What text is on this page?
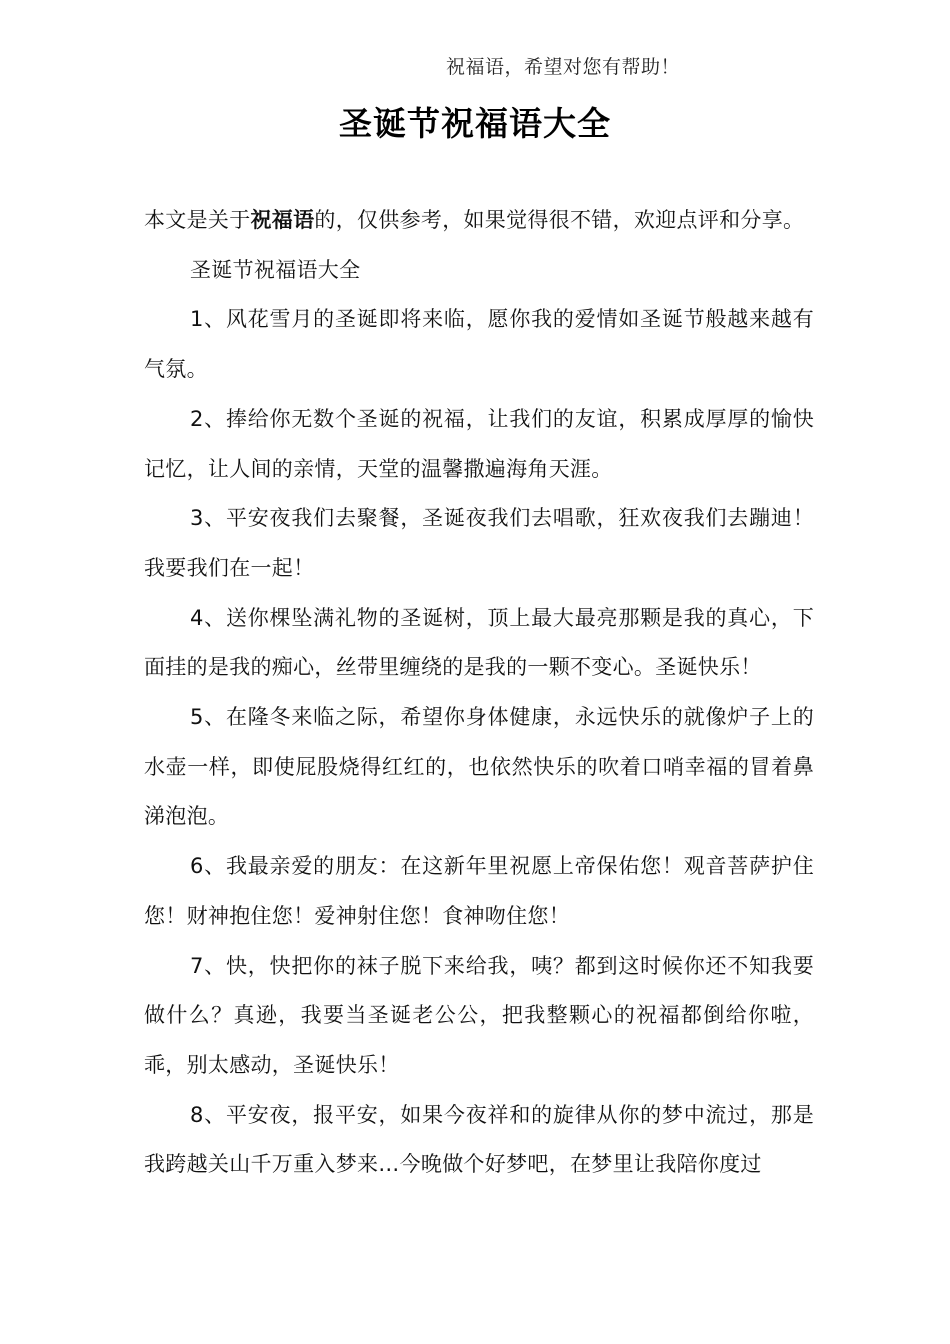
祝福语，希望对您有帮助！
圣诞节祝福语大全

本文是关于祝福语的，仅供参考，如果觉得很不错，欢迎点评和分享。

圣诞节祝福语大全

1、风花雪月的圣诞即将来临，愿你我的爱情如圣诞节般越来越有气氛。

2、捧给你无数个圣诞的祝福，让我们的友谊，积累成厚厚的愉快记忆，让人间的亲情，天堂的温馨撒遍海角天涯。

3、平安夜我们去聚餐，圣诞夜我们去唱歌，狂欢夜我们去蹦迪！我要我们在一起！

4、送你棵坠满礼物的圣诞树，顶上最大最亮那颗是我的真心，下面挂的是我的痴心，丝带里缠绕的是我的一颗不变心。圣诞快乐！

5、在隆冬来临之际，希望你身体健康，永远快乐的就像炉子上的水壶一样，即使屁股烧得红红的，也依然快乐的吹着口哨幸福的冒着鼻涕泡泡。

6、我最亲爱的朋友：在这新年里祝愿上帝保佑您！观音菩萨护住您！财神抱住您！爱神射住您！食神吻住您！

7、快，快把你的袜子脱下来给我，咦？都到这时候你还不知我要做什么？真逊，我要当圣诞老公公，把我整颗心的祝福都倒给你啦，乖，别太感动，圣诞快乐！

8、平安夜，报平安，如果今夜祥和的旋律从你的梦中流过，那是我跨越关山千万重入梦来…今晚做个好梦吧，在梦里让我陪你度过
